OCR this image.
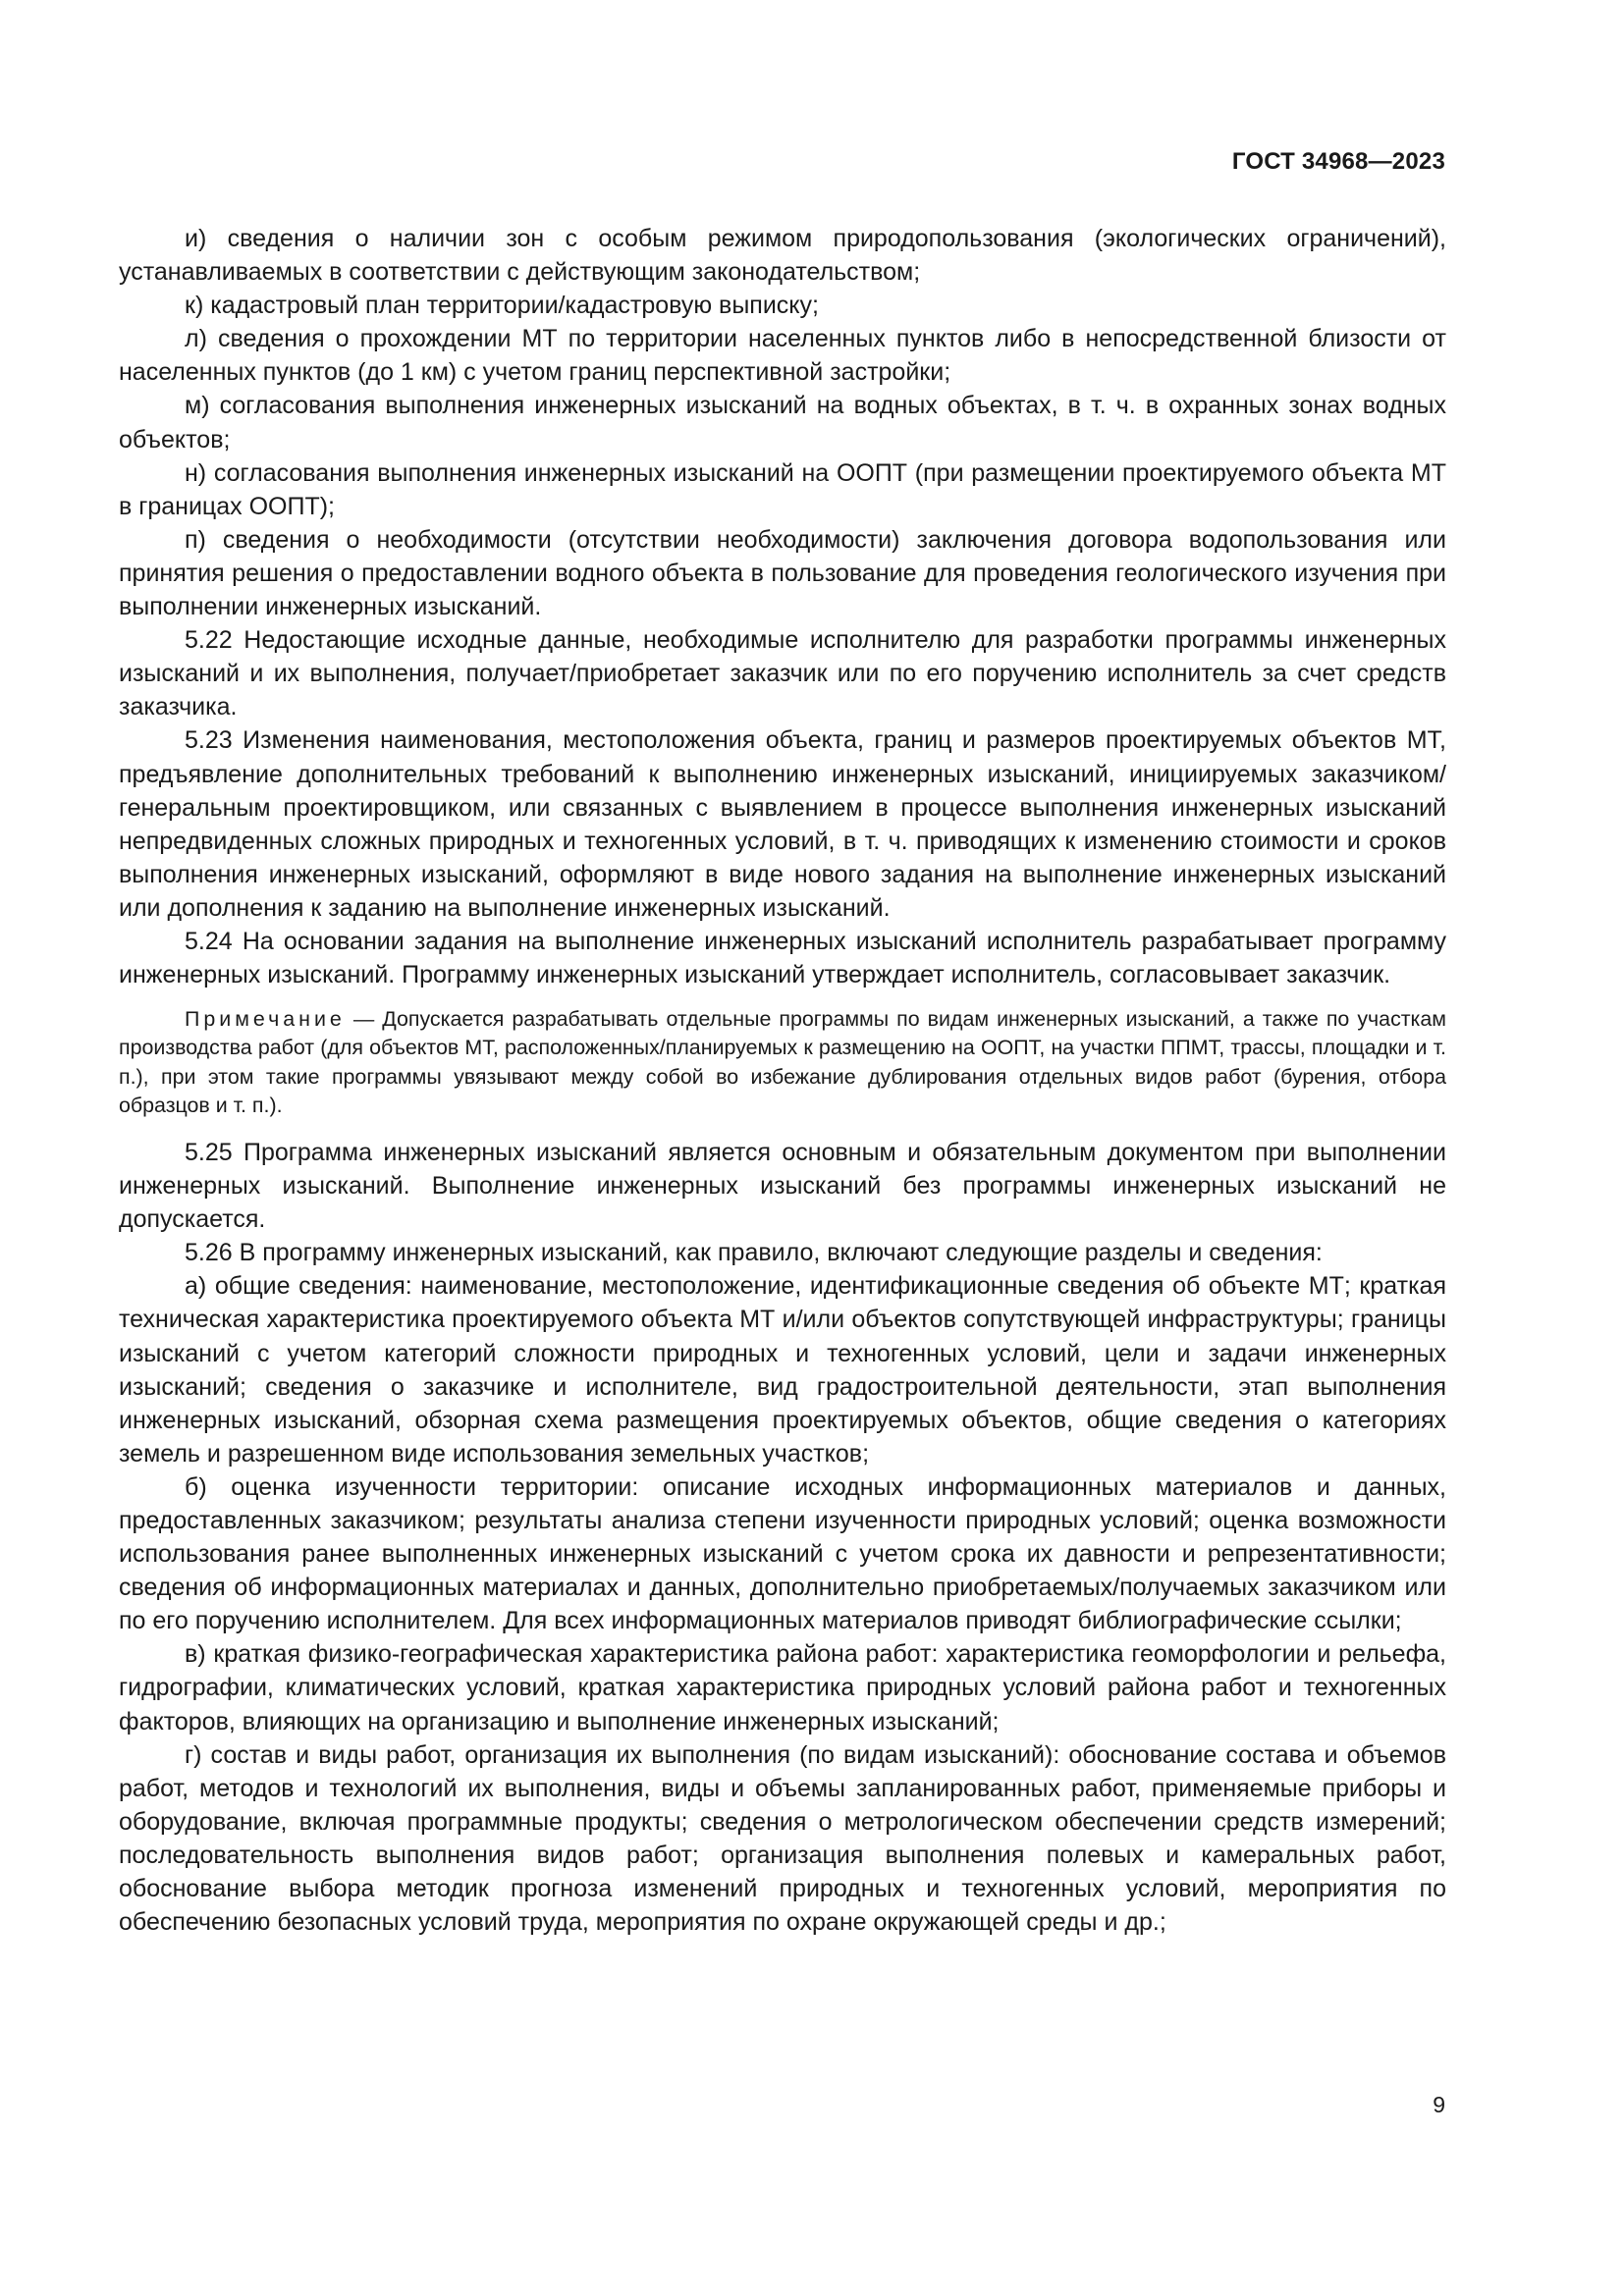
ГОСТ 34968—2023

и) сведения о наличии зон с особым режимом природопользования (экологических ограничений), устанавливаемых в соответствии с действующим законодательством;

к) кадастровый план территории/кадастровую выписку;

л) сведения о прохождении МТ по территории населенных пунктов либо в непосредственной близости от населенных пунктов (до 1 км) с учетом границ перспективной застройки;

м) согласования выполнения инженерных изысканий на водных объектах, в т. ч. в охранных зонах водных объектов;

н) согласования выполнения инженерных изысканий на ООПТ (при размещении проектируемого объекта МТ в границах ООПТ);

п) сведения о необходимости (отсутствии необходимости) заключения договора водопользования или принятия решения о предоставлении водного объекта в пользование для проведения геологического изучения при выполнении инженерных изысканий.

5.22 Недостающие исходные данные, необходимые исполнителю для разработки программы инженерных изысканий и их выполнения, получает/приобретает заказчик или по его поручению исполнитель за счет средств заказчика.

5.23 Изменения наименования, местоположения объекта, границ и размеров проектируемых объектов МТ, предъявление дополнительных требований к выполнению инженерных изысканий, инициируемых заказчиком/генеральным проектировщиком, или связанных с выявлением в процессе выполнения инженерных изысканий непредвиденных сложных природных и техногенных условий, в т. ч. приводящих к изменению стоимости и сроков выполнения инженерных изысканий, оформляют в виде нового задания на выполнение инженерных изысканий или дополнения к заданию на выполнение инженерных изысканий.

5.24 На основании задания на выполнение инженерных изысканий исполнитель разрабатывает программу инженерных изысканий. Программу инженерных изысканий утверждает исполнитель, согласовывает заказчик.

Примечание — Допускается разрабатывать отдельные программы по видам инженерных изысканий, а также по участкам производства работ (для объектов МТ, расположенных/планируемых к размещению на ООПТ, на участки ППМТ, трассы, площадки и т. п.), при этом такие программы увязывают между собой во избежание дублирования отдельных видов работ (бурения, отбора образцов и т. п.).

5.25 Программа инженерных изысканий является основным и обязательным документом при выполнении инженерных изысканий. Выполнение инженерных изысканий без программы инженерных изысканий не допускается.

5.26 В программу инженерных изысканий, как правило, включают следующие разделы и сведения:

а) общие сведения: наименование, местоположение, идентификационные сведения об объекте МТ; краткая техническая характеристика проектируемого объекта МТ и/или объектов сопутствующей инфраструктуры; границы изысканий с учетом категорий сложности природных и техногенных условий, цели и задачи инженерных изысканий; сведения о заказчике и исполнителе, вид градостроительной деятельности, этап выполнения инженерных изысканий, обзорная схема размещения проектируемых объектов, общие сведения о категориях земель и разрешенном виде использования земельных участков;

б) оценка изученности территории: описание исходных информационных материалов и данных, предоставленных заказчиком; результаты анализа степени изученности природных условий; оценка возможности использования ранее выполненных инженерных изысканий с учетом срока их давности и репрезентативности; сведения об информационных материалах и данных, дополнительно приобретаемых/получаемых заказчиком или по его поручению исполнителем. Для всех информационных материалов приводят библиографические ссылки;

в) краткая физико-географическая характеристика района работ: характеристика геоморфологии и рельефа, гидрографии, климатических условий, краткая характеристика природных условий района работ и техногенных факторов, влияющих на организацию и выполнение инженерных изысканий;

г) состав и виды работ, организация их выполнения (по видам изысканий): обоснование состава и объемов работ, методов и технологий их выполнения, виды и объемы запланированных работ, применяемые приборы и оборудование, включая программные продукты; сведения о метрологическом обеспечении средств измерений; последовательность выполнения видов работ; организация выполнения полевых и камеральных работ, обоснование выбора методик прогноза изменений природных и техногенных условий, мероприятия по обеспечению безопасных условий труда, мероприятия по охране окружающей среды и др.;

9
